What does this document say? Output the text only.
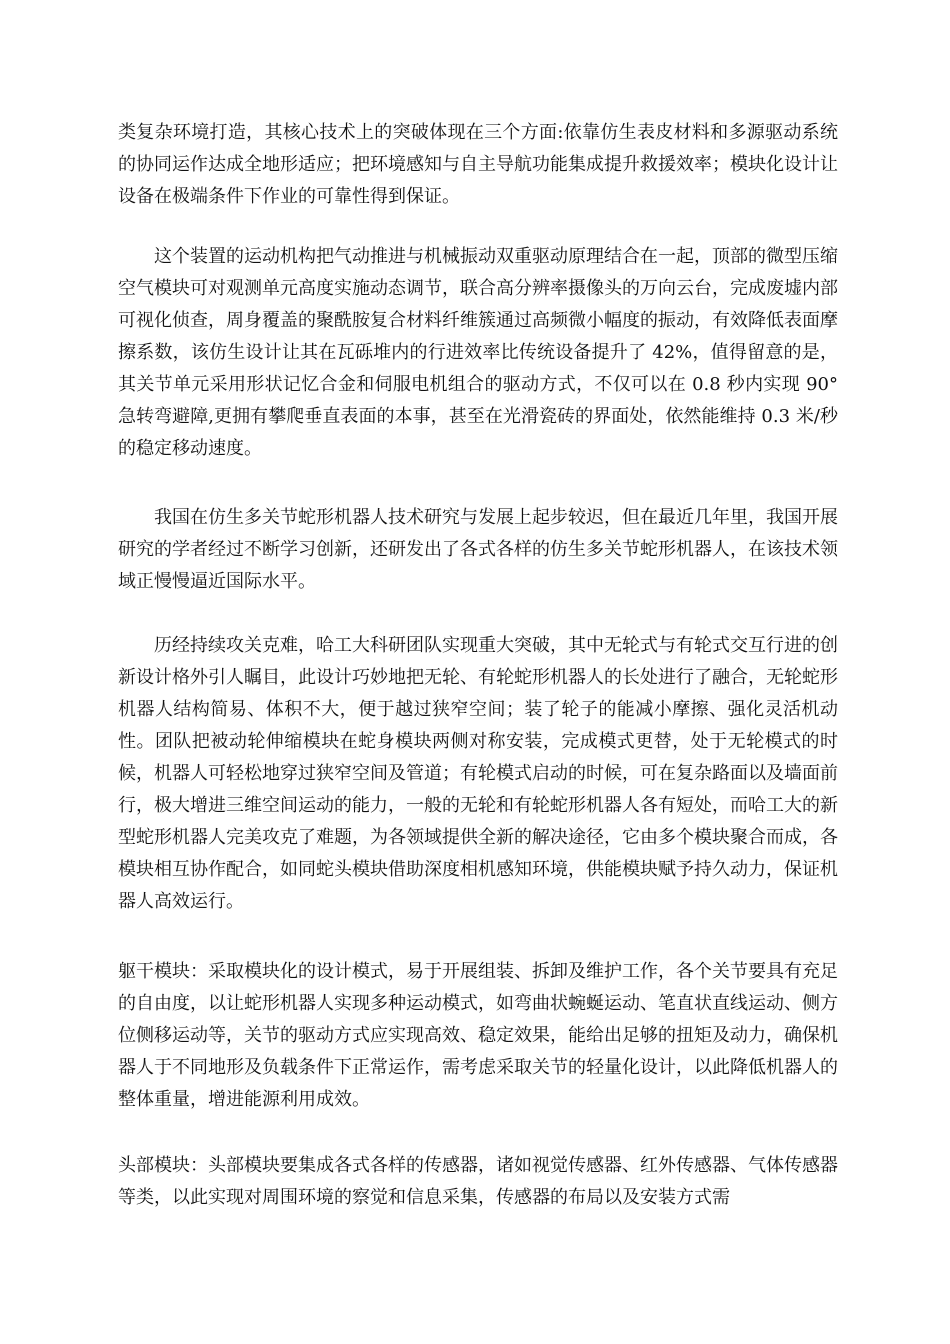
类复杂环境打造，其核心技术上的突破体现在三个方面:依靠仿生表皮材料和多源驱动系统的协同运作达成全地形适应；把环境感知与自主导航功能集成提升救援效率；模块化设计让设备在极端条件下作业的可靠性得到保证。

这个装置的运动机构把气动推进与机械振动双重驱动原理结合在一起，顶部的微型压缩空气模块可对观测单元高度实施动态调节，联合高分辨率摄像头的万向云台，完成废墟内部可视化侦查，周身覆盖的聚酰胺复合材料纤维簇通过高频微小幅度的振动，有效降低表面摩擦系数，该仿生设计让其在瓦砾堆内的行进效率比传统设备提升了 42%，值得留意的是，其关节单元采用形状记忆合金和伺服电机组合的驱动方式，不仅可以在 0.8 秒内实现 90° 急转弯避障,更拥有攀爬垂直表面的本事，甚至在光滑瓷砖的界面处，依然能维持 0.3 米/秒的稳定移动速度。

我国在仿生多关节蛇形机器人技术研究与发展上起步较迟，但在最近几年里，我国开展研究的学者经过不断学习创新，还研发出了各式各样的仿生多关节蛇形机器人，在该技术领域正慢慢逼近国际水平。

历经持续攻关克难，哈工大科研团队实现重大突破，其中无轮式与有轮式交互行进的创新设计格外引人瞩目，此设计巧妙地把无轮、有轮蛇形机器人的长处进行了融合，无轮蛇形机器人结构简易、体积不大，便于越过狭窄空间；装了轮子的能减小摩擦、强化灵活机动性。团队把被动轮伸缩模块在蛇身模块两侧对称安装，完成模式更替，处于无轮模式的时候，机器人可轻松地穿过狭窄空间及管道；有轮模式启动的时候，可在复杂路面以及墙面前行，极大增进三维空间运动的能力，一般的无轮和有轮蛇形机器人各有短处，而哈工大的新型蛇形机器人完美攻克了难题，为各领域提供全新的解决途径，它由多个模块聚合而成，各模块相互协作配合，如同蛇头模块借助深度相机感知环境，供能模块赋予持久动力，保证机器人高效运行。

躯干模块：采取模块化的设计模式，易于开展组装、拆卸及维护工作，各个关节要具有充足的自由度，以让蛇形机器人实现多种运动模式，如弯曲状蜿蜒运动、笔直状直线运动、侧方位侧移运动等，关节的驱动方式应实现高效、稳定效果，能给出足够的扭矩及动力，确保机器人于不同地形及负载条件下正常运作，需考虑采取关节的轻量化设计，以此降低机器人的整体重量，增进能源利用成效。

头部模块：头部模块要集成各式各样的传感器，诸如视觉传感器、红外传感器、气体传感器等类，以此实现对周围环境的察觉和信息采集，传感器的布局以及安装方式需
